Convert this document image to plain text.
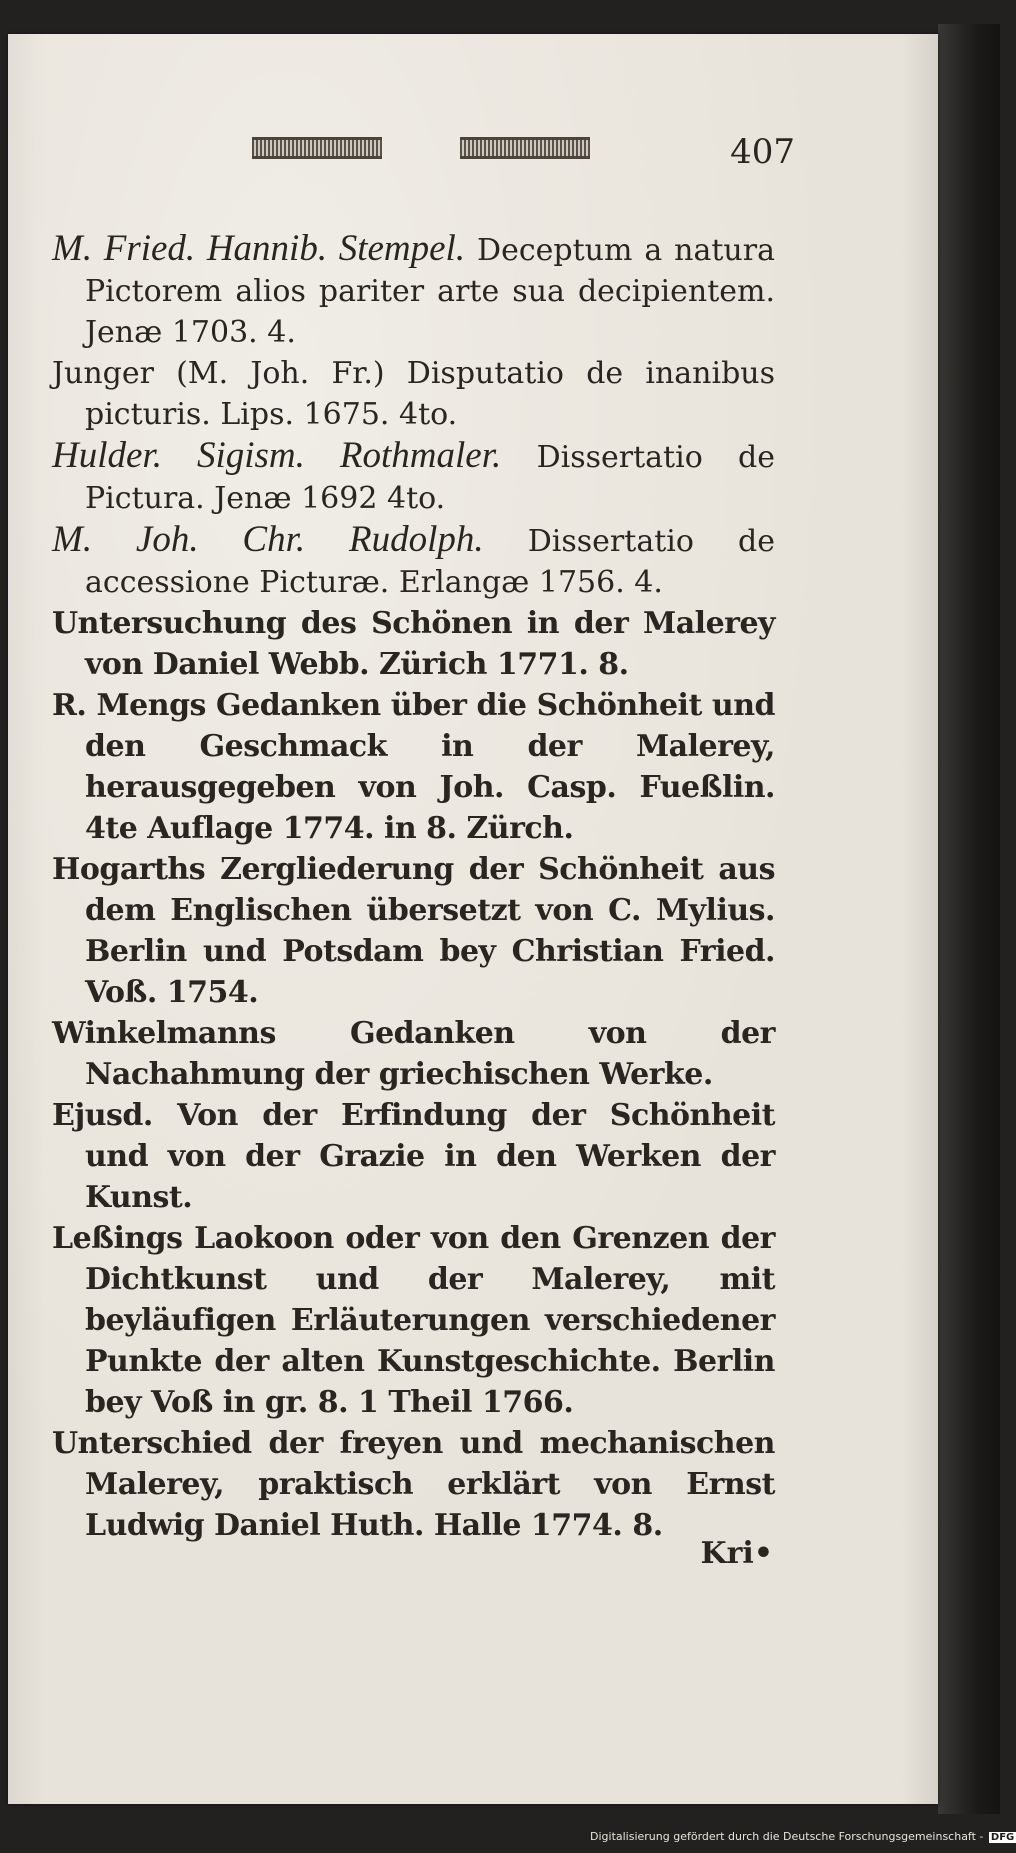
407
M. Fried. Hannib. Stempel. Deceptum a natura Pictorem alios pariter arte sua decipientem. Jenæ 1703. 4.
Junger (M. Joh. Fr.) Disputatio de inanibus picturis. Lips. 1675. 4to.
Hulder. Sigism. Rothmaler. Dissertatio de Pictura. Jenæ 1692 4to.
M. Joh. Chr. Rudolph. Dissertatio de accessione Picturæ. Erlangæ 1756. 4.
Untersuchung des Schönen in der Malerey von Daniel Webb. Zürich 1771. 8.
R. Mengs Gedanken über die Schönheit und den Geschmack in der Malerey, herausgegeben von Joh. Casp. Fueßlin. 4te Auflage 1774. in 8. Zürch.
Hogarths Zergliederung der Schönheit aus dem Englischen übersetzt von C. Mylius. Berlin und Potsdam bey Christian Fried. Voß. 1754.
Winkelmanns Gedanken von der Nachahmung der griechischen Werke.
Ejusd. Von der Erfindung der Schönheit und von der Grazie in den Werken der Kunst.
Leßings Laokoon oder von den Grenzen der Dichtkunst und der Malerey, mit beyläufigen Erläuterungen verschiedener Punkte der alten Kunstgeschichte. Berlin bey Voß in gr. 8. 1 Theil 1766.
Unterschied der freyen und mechanischen Malerey, praktisch erklärt von Ernst Ludwig Daniel Huth. Halle 1774. 8.
Kri•
Digitalisierung gefördert durch die Deutsche Forschungsgemeinschaft - DFG
